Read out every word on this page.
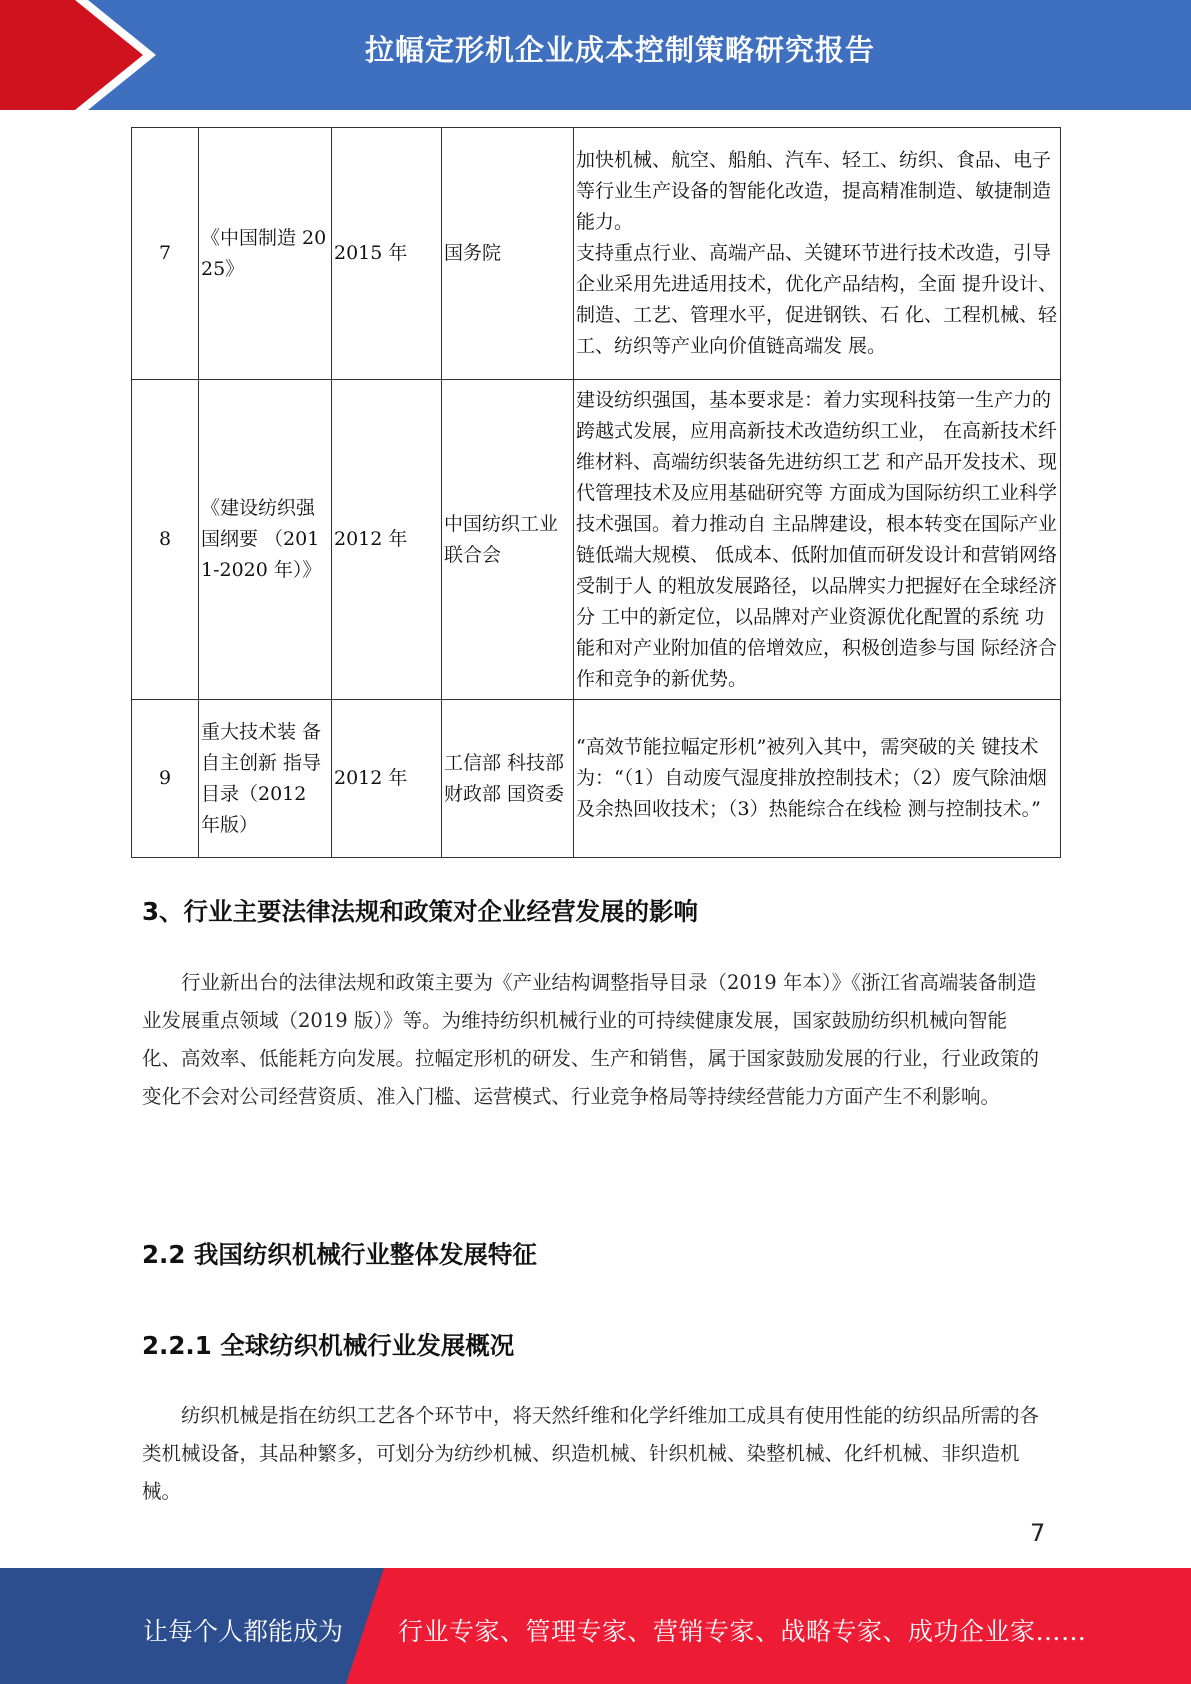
拉幅定形机企业成本控制策略研究报告
7	《中国制造 2025》	2015 年	国务院	加快机械、航空、船舶、汽车、轻工、纺织、食品、电子等行业生产设备的智能化改造，提高精准制造、敏捷制造能力。

支持重点行业、高端产品、关键环节进行技术改造，引导企业采用先进适用技术，优化产品结构，全面 提升设计、制造、工艺、管理水平，促进钢铁、石 化、工程机械、轻工、纺织等产业向价值链高端发 展。

8	《建设纺织强国纲要 （2011-2020 年）》	2012 年	中国纺织工业联合会	建设纺织强国，基本要求是：着力实现科技第一生产力的跨越式发展，应用高新技术改造纺织工业， 在高新技术纤维材料、高端纺织装备先进纺织工艺 和产品开发技术、现代管理技术及应用基础研究等 方面成为国际纺织工业科学技术强国。着力推动自 主品牌建设，根本转变在国际产业链低端大规模、 低成本、低附加值而研发设计和营销网络受制于人 的粗放发展路径，以品牌实力把握好在全球经济分 工中的新定位，以品牌对产业资源优化配置的系统 功能和对产业附加值的倍增效应，积极创造参与国 际经济合作和竞争的新优势。

9	重大技术装 备自主创新 指导目录（2012 年版）	2012 年	工信部 科技部 财政部 国资委	“高效节能拉幅定形机”被列入其中，需突破的关 键技术为：“（1）自动废气湿度排放控制技术；（2）废气除油烟及余热回收技术；（3）热能综合在线检 测与控制技术。”

3、行业主要法律法规和政策对企业经营发展的影响

行业新出台的法律法规和政策主要为《产业结构调整指导目录（2019 年本）》《浙江省高端装备制造业发展重点领域（2019 版）》等。为维持纺织机械行业的可持续健康发展，国家鼓励纺织机械向智能化、高效率、低能耗方向发展。拉幅定形机的研发、生产和销售，属于国家鼓励发展的行业，行业政策的变化不会对公司经营资质、准入门槛、运营模式、行业竞争格局等持续经营能力方面产生不利影响。

2.2 我国纺织机械行业整体发展特征
2.2.1 全球纺织机械行业发展概况

纺织机械是指在纺织工艺各个环节中，将天然纤维和化学纤维加工成具有使用性能的纺织品所需的各类机械设备，其品种繁多，可划分为纺纱机械、织造机械、针织机械、染整机械、化纤机械、非织造机械。

7
让每个人都能成为 行业专家、管理专家、营销专家、战略专家、成功企业家……
